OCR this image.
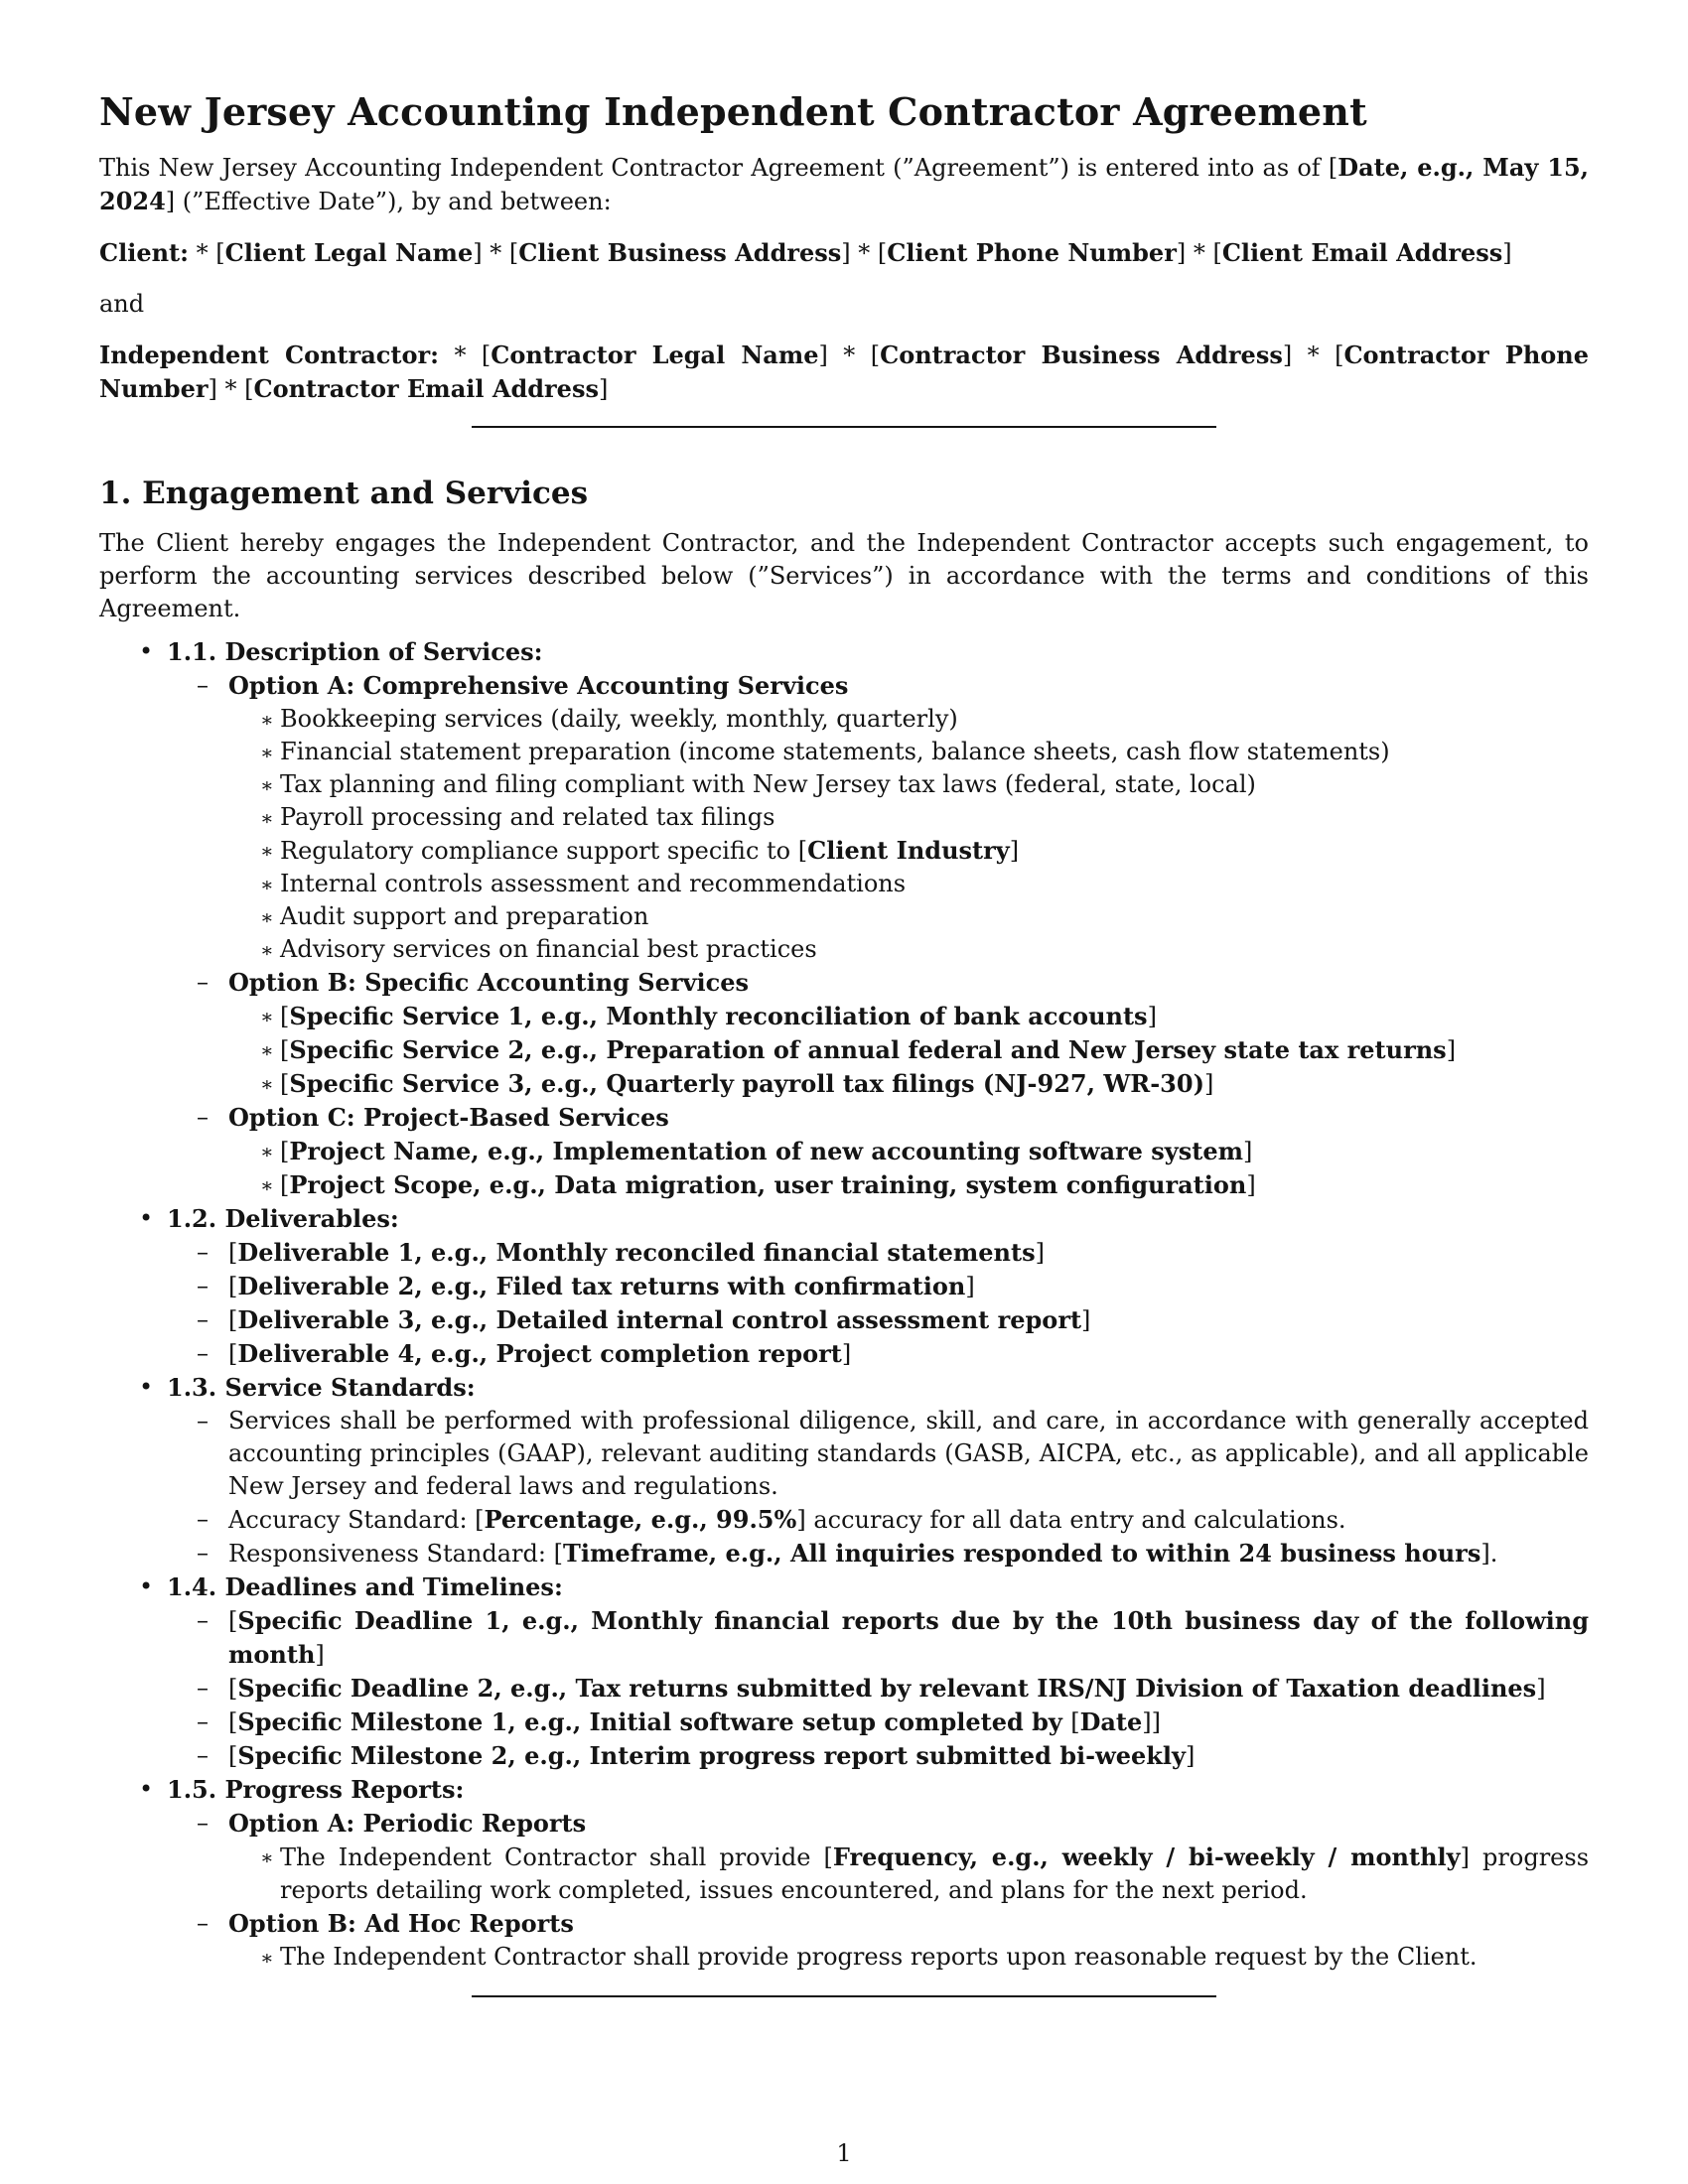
New Jersey Accounting Independent Contractor Agreement

This New Jersey Accounting Independent Contractor Agreement (”Agreement”) is entered into as of [Date, e.g., May 15, 2024] (”Effective Date”), by and between:

Client: * [Client Legal Name] * [Client Business Address] * [Client Phone Number] * [Client Email Address]

and

Independent Contractor: * [Contractor Legal Name] * [Contractor Business Address] * [Contractor Phone Number] * [Contractor Email Address]

1. Engagement and Services

The Client hereby engages the Independent Contractor, and the Independent Contractor accepts such engagement, to perform the accounting services described below (”Services”) in accordance with the terms and conditions of this Agreement.

• 1.1. Description of Services:
– Option A: Comprehensive Accounting Services
∗ Bookkeeping services (daily, weekly, monthly, quarterly)
∗ Financial statement preparation (income statements, balance sheets, cash flow statements)
∗ Tax planning and filing compliant with New Jersey tax laws (federal, state, local)
∗ Payroll processing and related tax filings
∗ Regulatory compliance support specific to [Client Industry]
∗ Internal controls assessment and recommendations
∗ Audit support and preparation
∗ Advisory services on financial best practices
– Option B: Specific Accounting Services
∗ [Specific Service 1, e.g., Monthly reconciliation of bank accounts]
∗ [Specific Service 2, e.g., Preparation of annual federal and New Jersey state tax returns]
∗ [Specific Service 3, e.g., Quarterly payroll tax filings (NJ-927, WR-30)]
– Option C: Project-Based Services
∗ [Project Name, e.g., Implementation of new accounting software system]
∗ [Project Scope, e.g., Data migration, user training, system configuration]
• 1.2. Deliverables:
– [Deliverable 1, e.g., Monthly reconciled financial statements]
– [Deliverable 2, e.g., Filed tax returns with confirmation]
– [Deliverable 3, e.g., Detailed internal control assessment report]
– [Deliverable 4, e.g., Project completion report]
• 1.3. Service Standards:
– Services shall be performed with professional diligence, skill, and care, in accordance with generally accepted accounting principles (GAAP), relevant auditing standards (GASB, AICPA, etc., as applicable), and all applicable New Jersey and federal laws and regulations.
– Accuracy Standard: [Percentage, e.g., 99.5%] accuracy for all data entry and calculations.
– Responsiveness Standard: [Timeframe, e.g., All inquiries responded to within 24 business hours].
• 1.4. Deadlines and Timelines:
– [Specific Deadline 1, e.g., Monthly financial reports due by the 10th business day of the following month]
– [Specific Deadline 2, e.g., Tax returns submitted by relevant IRS/NJ Division of Taxation deadlines]
– [Specific Milestone 1, e.g., Initial software setup completed by [Date]]
– [Specific Milestone 2, e.g., Interim progress report submitted bi-weekly]
• 1.5. Progress Reports:
– Option A: Periodic Reports
∗ The Independent Contractor shall provide [Frequency, e.g., weekly / bi-weekly / monthly] progress reports detailing work completed, issues encountered, and plans for the next period.
– Option B: Ad Hoc Reports
∗ The Independent Contractor shall provide progress reports upon reasonable request by the Client.
1
